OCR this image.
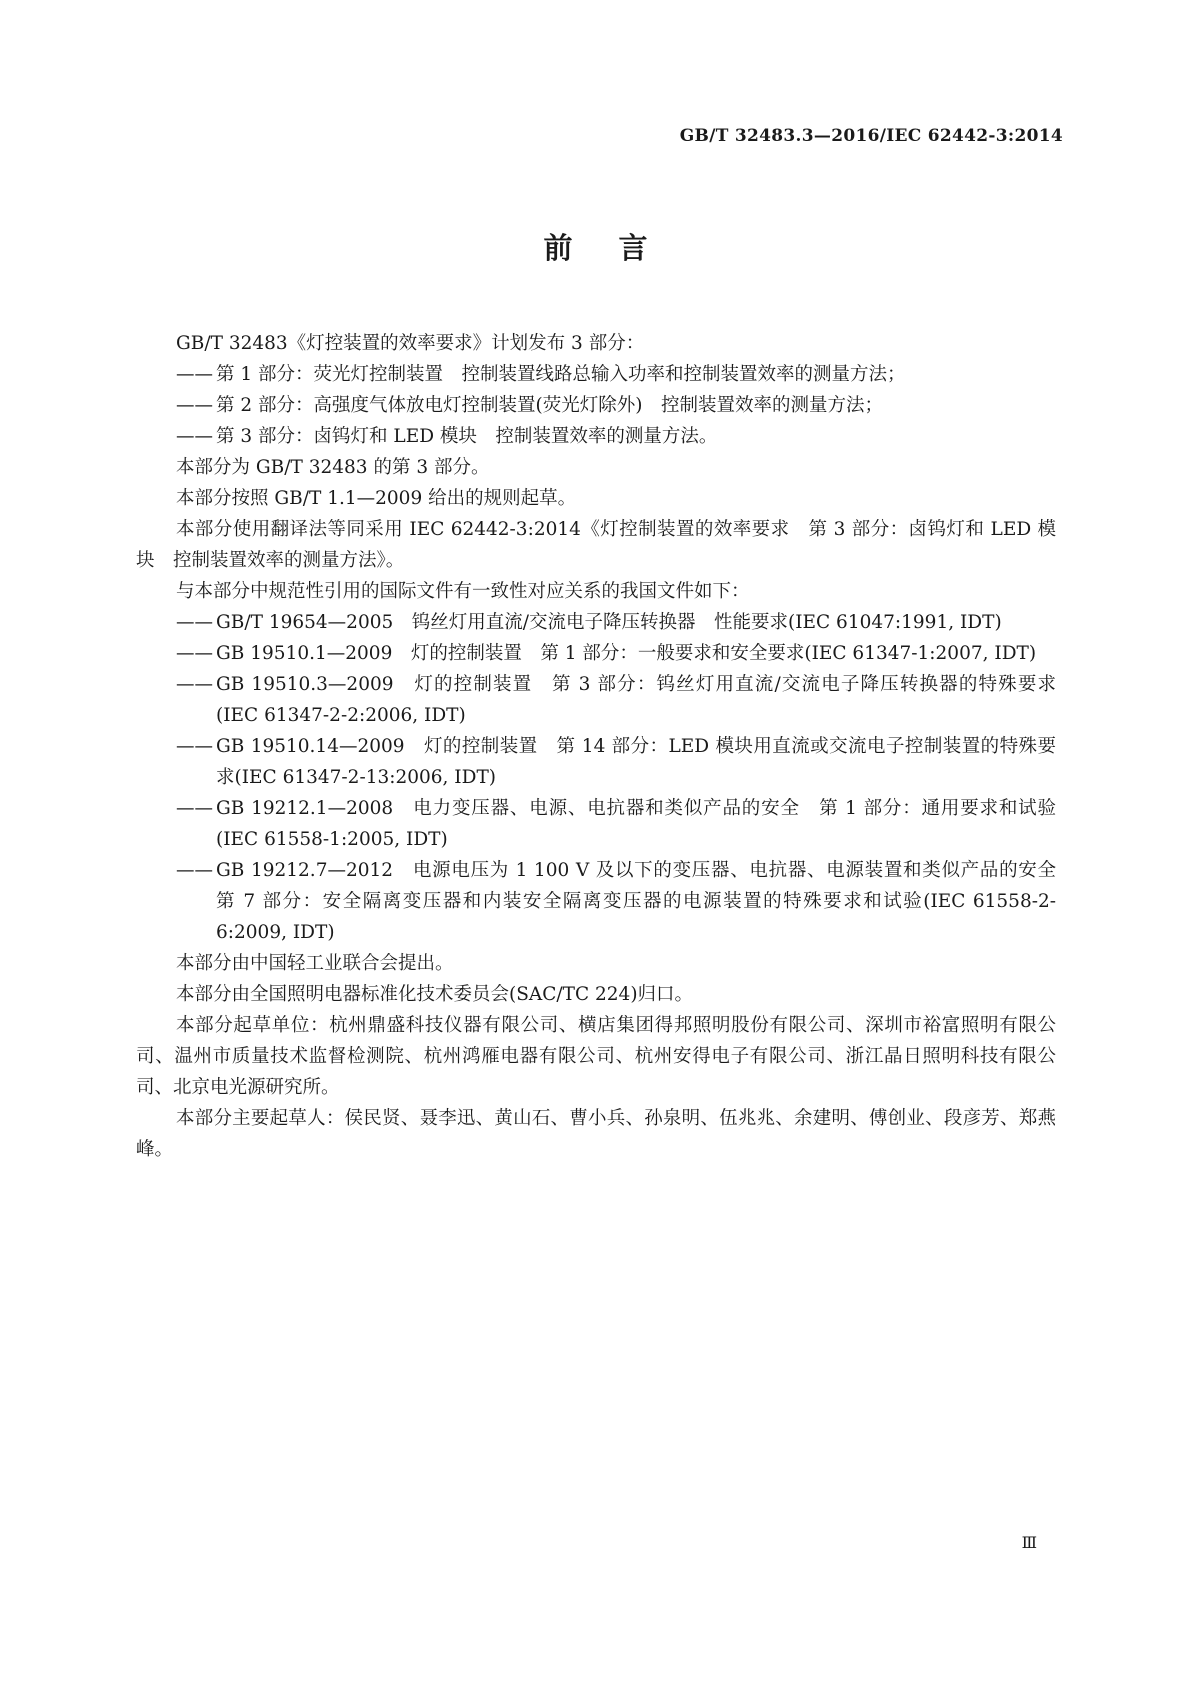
GB/T 32483.3—2016/IEC 62442-3:2014
前言

GB/T 32483《灯控装置的效率要求》计划发布 3 部分：

—— 第 1 部分：荧光灯控制装置　控制装置线路总输入功率和控制装置效率的测量方法；

—— 第 2 部分：高强度气体放电灯控制装置(荧光灯除外)　控制装置效率的测量方法；

—— 第 3 部分：卤钨灯和 LED 模块　控制装置效率的测量方法。

本部分为 GB/T 32483 的第 3 部分。

本部分按照 GB/T 1.1—2009 给出的规则起草。

本部分使用翻译法等同采用 IEC 62442-3:2014《灯控制装置的效率要求　第 3 部分：卤钨灯和 LED 模块　控制装置效率的测量方法》。

与本部分中规范性引用的国际文件有一致性对应关系的我国文件如下：

—— GB/T 19654—2005　钨丝灯用直流/交流电子降压转换器　性能要求(IEC 61047:1991, IDT)

—— GB 19510.1—2009　灯的控制装置　第 1 部分：一般要求和安全要求(IEC 61347-1:2007, IDT)

—— GB 19510.3—2009　灯的控制装置　第 3 部分：钨丝灯用直流/交流电子降压转换器的特殊要求(IEC 61347-2-2:2006, IDT)

—— GB 19510.14—2009　灯的控制装置　第 14 部分：LED 模块用直流或交流电子控制装置的特殊要求(IEC 61347-2-13:2006, IDT)

—— GB 19212.1—2008　电力变压器、电源、电抗器和类似产品的安全　第 1 部分：通用要求和试验(IEC 61558-1:2005, IDT)

—— GB 19212.7—2012　电源电压为 1 100 V 及以下的变压器、电抗器、电源装置和类似产品的安全　第 7 部分：安全隔离变压器和内装安全隔离变压器的电源装置的特殊要求和试验(IEC 61558-2-6:2009, IDT)

本部分由中国轻工业联合会提出。

本部分由全国照明电器标准化技术委员会(SAC/TC 224)归口。

本部分起草单位：杭州鼎盛科技仪器有限公司、横店集团得邦照明股份有限公司、深圳市裕富照明有限公司、温州市质量技术监督检测院、杭州鸿雁电器有限公司、杭州安得电子有限公司、浙江晶日照明科技有限公司、北京电光源研究所。

本部分主要起草人：侯民贤、聂李迅、黄山石、曹小兵、孙泉明、伍兆兆、余建明、傅创业、段彦芳、郑燕峰。

Ⅲ
